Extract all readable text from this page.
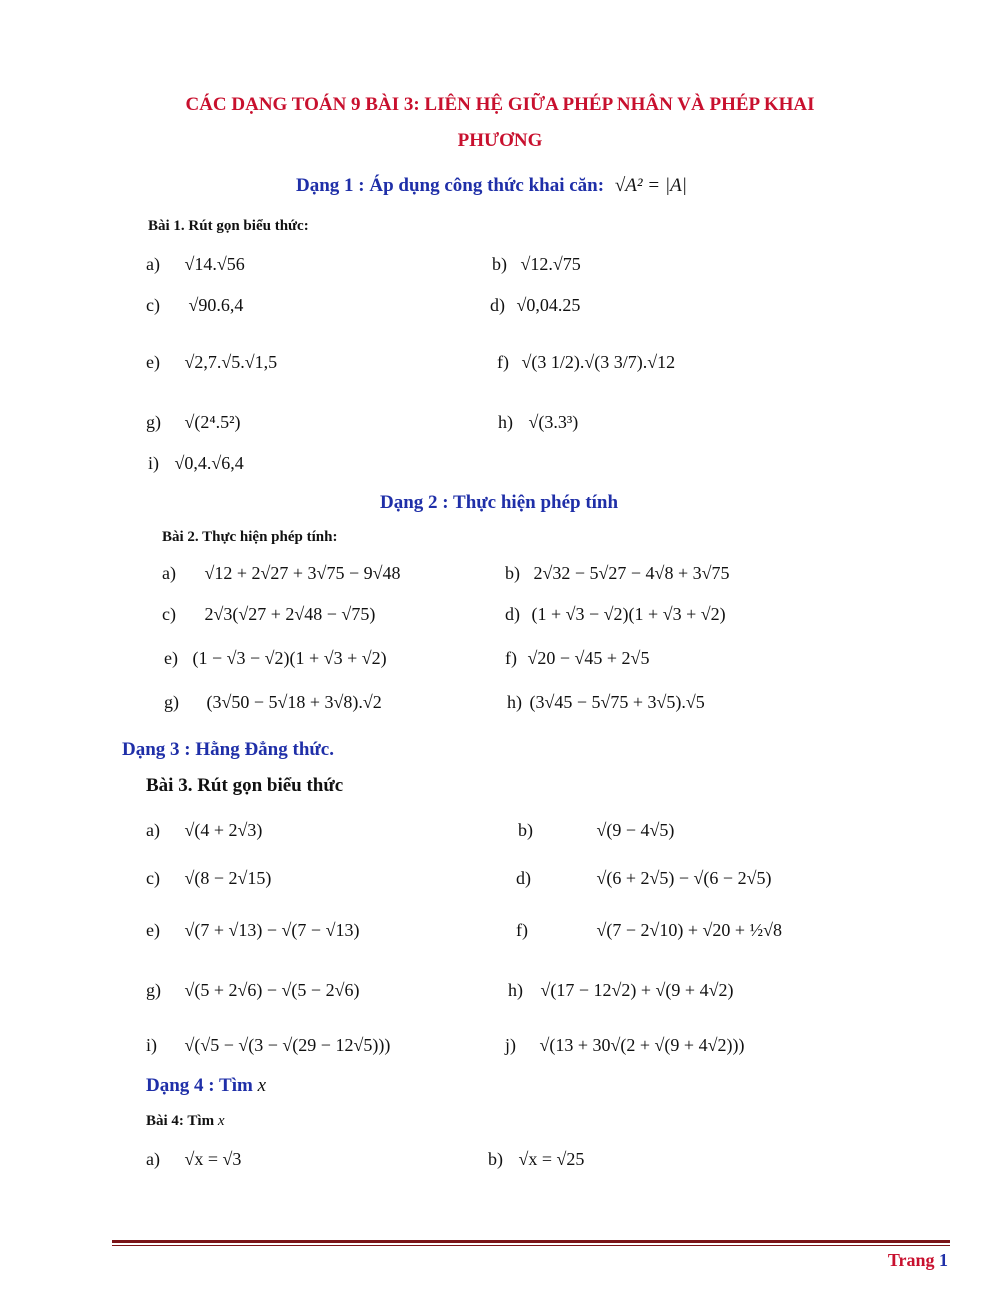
CÁC DẠNG TOÁN 9 BÀI 3: LIÊN HỆ GIỮA PHÉP NHÂN VÀ PHÉP KHAI
PHƯƠNG
Dạng 1 : Áp dụng công thức khai căn: √A² = |A|
Bài 1. Rút gọn biểu thức:
a) √14.√56	b) √12.√75
c) √90.6,4	d) √0,04.25
e) √2,7.√5.√1,5	f) √(3 1/2).√(3 3/7).√12
g) √(2⁴.5²)	h) √(3.3³)
i) √0,4.√6,4
Dạng 2 : Thực hiện phép tính
Bài 2. Thực hiện phép tính:
a) √12 + 2√27 + 3√75 − 9√48	b) 2√32 − 5√27 − 4√8 + 3√75
c) 2√3(√27 + 2√48 − √75)	d) (1 + √3 − √2)(1 + √3 + √2)
e) (1 − √3 − √2)(1 + √3 + √2)	f) √20 − √45 + 2√5
g) (3√50 − 5√18 + 3√8).√2	h) (3√45 − 5√75 + 3√5).√5
Dạng 3 : Hằng Đẳng thức.
Bài 3. Rút gọn biểu thức
a) √(4 + 2√3)	b)	√(9 − 4√5)
c) √(8 − 2√15)	d)	√(6 + 2√5) − √(6 − 2√5)
e) √(7 + √13) − √(7 − √13)	f)	√(7 − 2√10) + √20 + ½√8
g) √(5 + 2√6) − √(5 − 2√6)	h) √(17 − 12√2) + √(9 + 4√2)
i) √(√5 − √(3 − √(29 − 12√5)))	j) √(13 + 30√(2 + √(9 + 4√2)))
Dạng 4 : Tìm x
Bài 4: Tìm x
a) √x = √3	b) √x = √25
Trang 1
